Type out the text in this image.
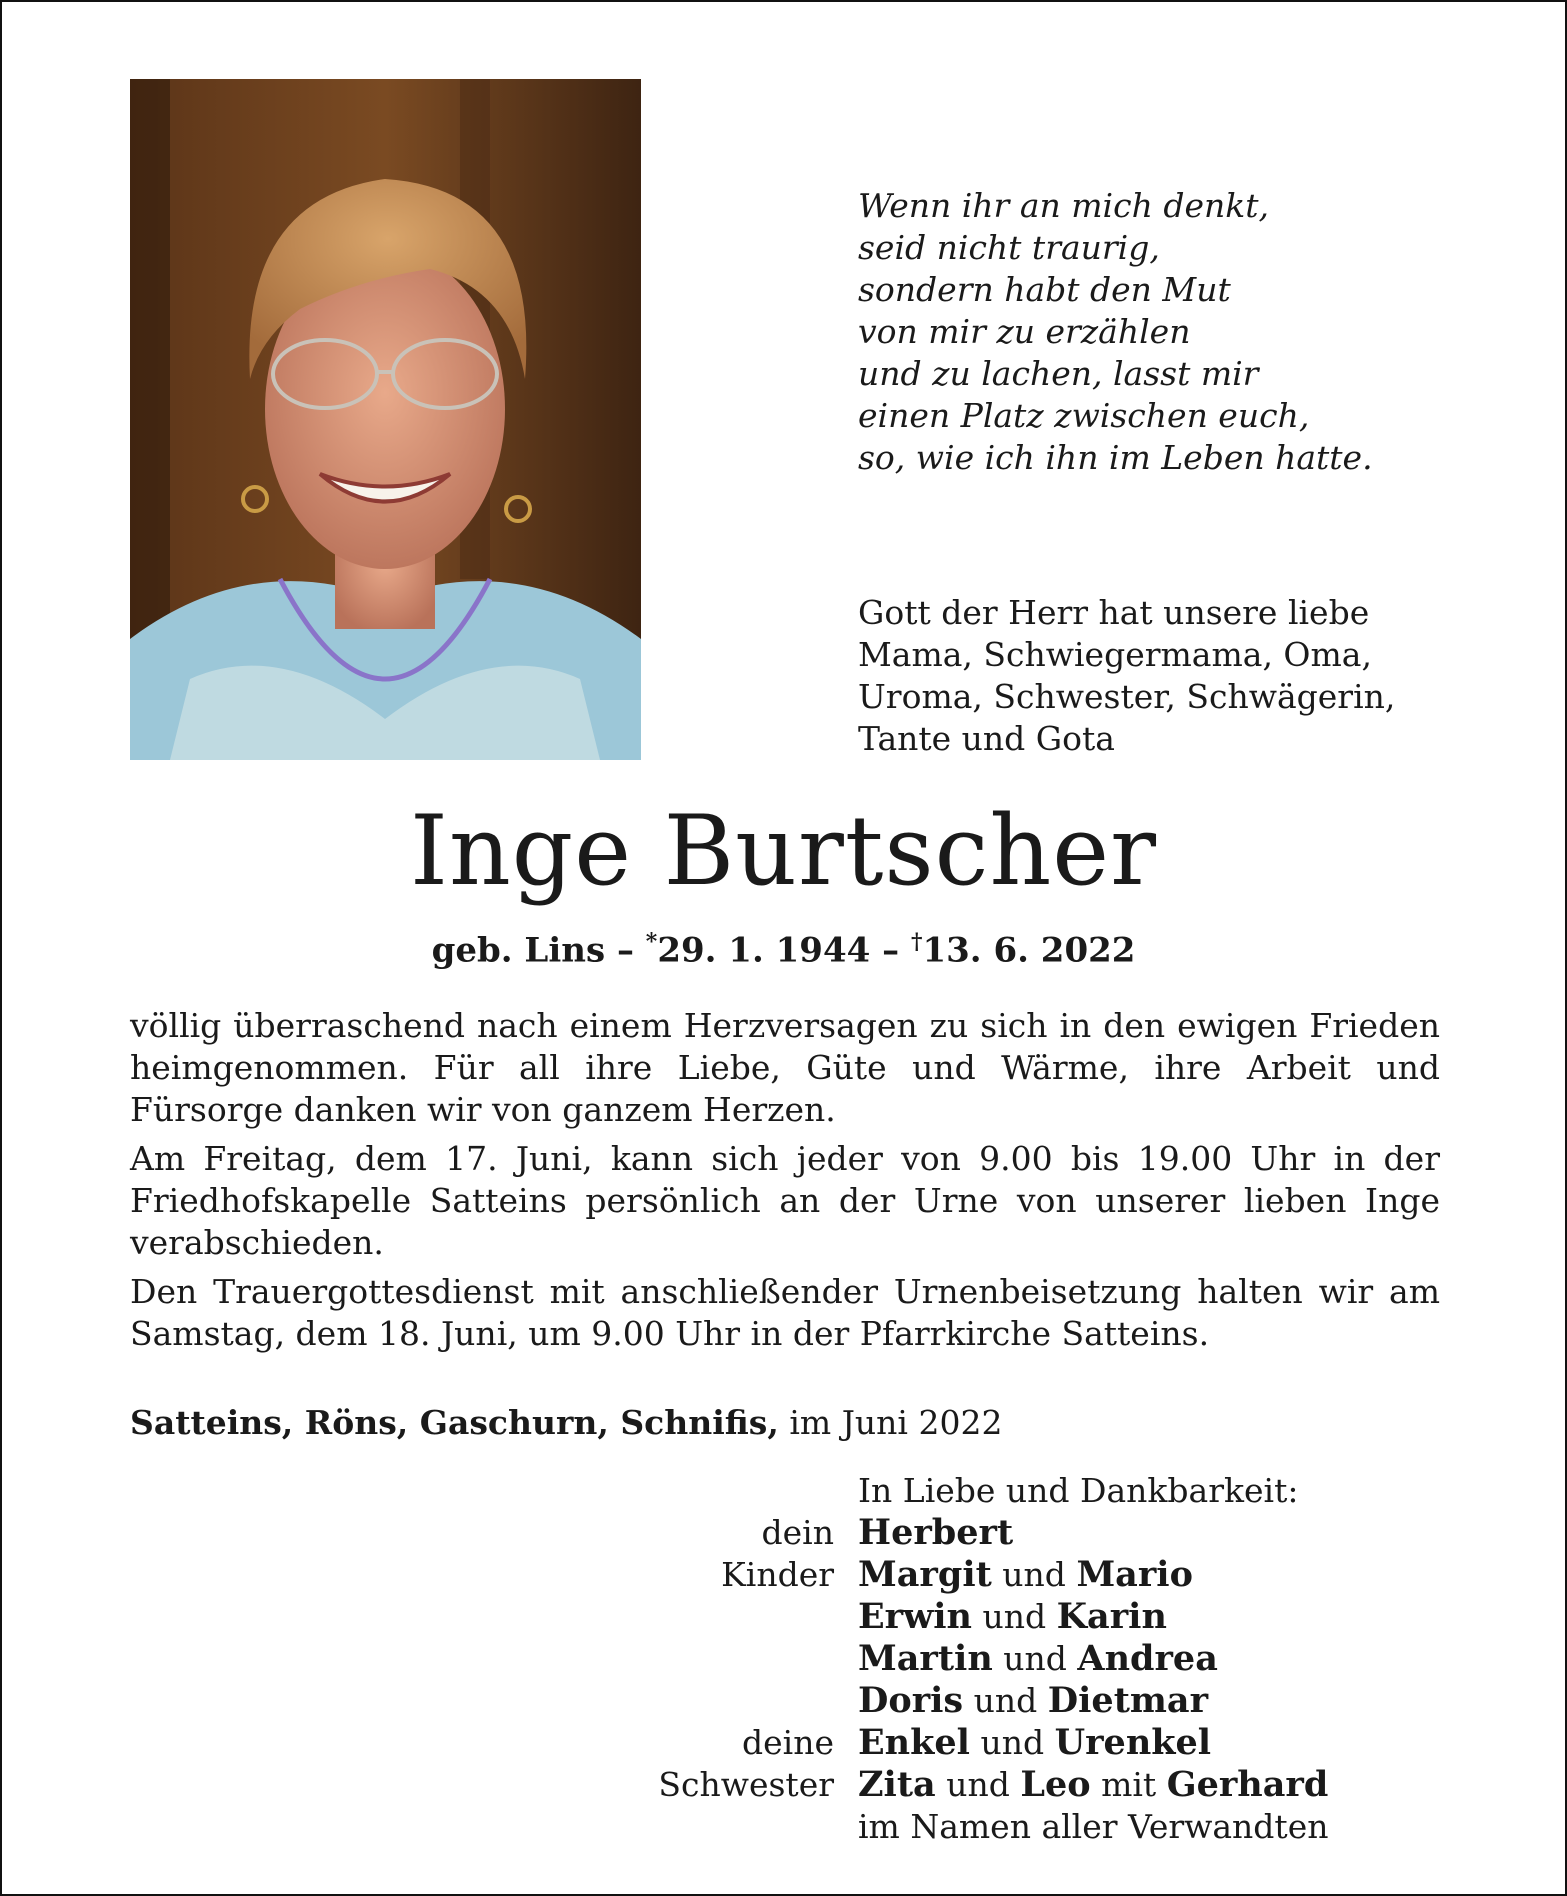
Wenn ihr an mich denkt,
seid nicht traurig,
sondern habt den Mut
von mir zu erzählen
und zu lachen, lasst mir
einen Platz zwischen euch,
so, wie ich ihn im Leben hatte.
Gott der Herr hat unsere liebe
Mama, Schwiegermama, Oma,
Uroma, Schwester, Schwägerin,
Tante und Gota
Inge Burtscher
geb. Lins – *29. 1. 1944 – †13. 6. 2022

völlig überraschend nach einem Herzversagen zu sich in den ewigen Frieden heimgenommen. Für all ihre Liebe, Güte und Wärme, ihre Arbeit und Fürsorge danken wir von ganzem Herzen.

Am Freitag, dem 17. Juni, kann sich jeder von 9.00 bis 19.00 Uhr in der Friedhofskapelle Satteins persönlich an der Urne von unserer lieben Inge verabschieden.

Den Trauergottesdienst mit anschließender Urnenbeisetzung halten wir am Samstag, dem 18. Juni, um 9.00 Uhr in der Pfarrkirche Satteins.

Satteins, Röns, Gaschurn, Schnifis, im Juni 2022
In Liebe und Dankbarkeit:
dein Herbert
Kinder Margit und Mario
Erwin und Karin
Martin und Andrea
Doris und Dietmar
deine Enkel und Urenkel
Schwester Zita und Leo mit Gerhard
im Namen aller Verwandten
